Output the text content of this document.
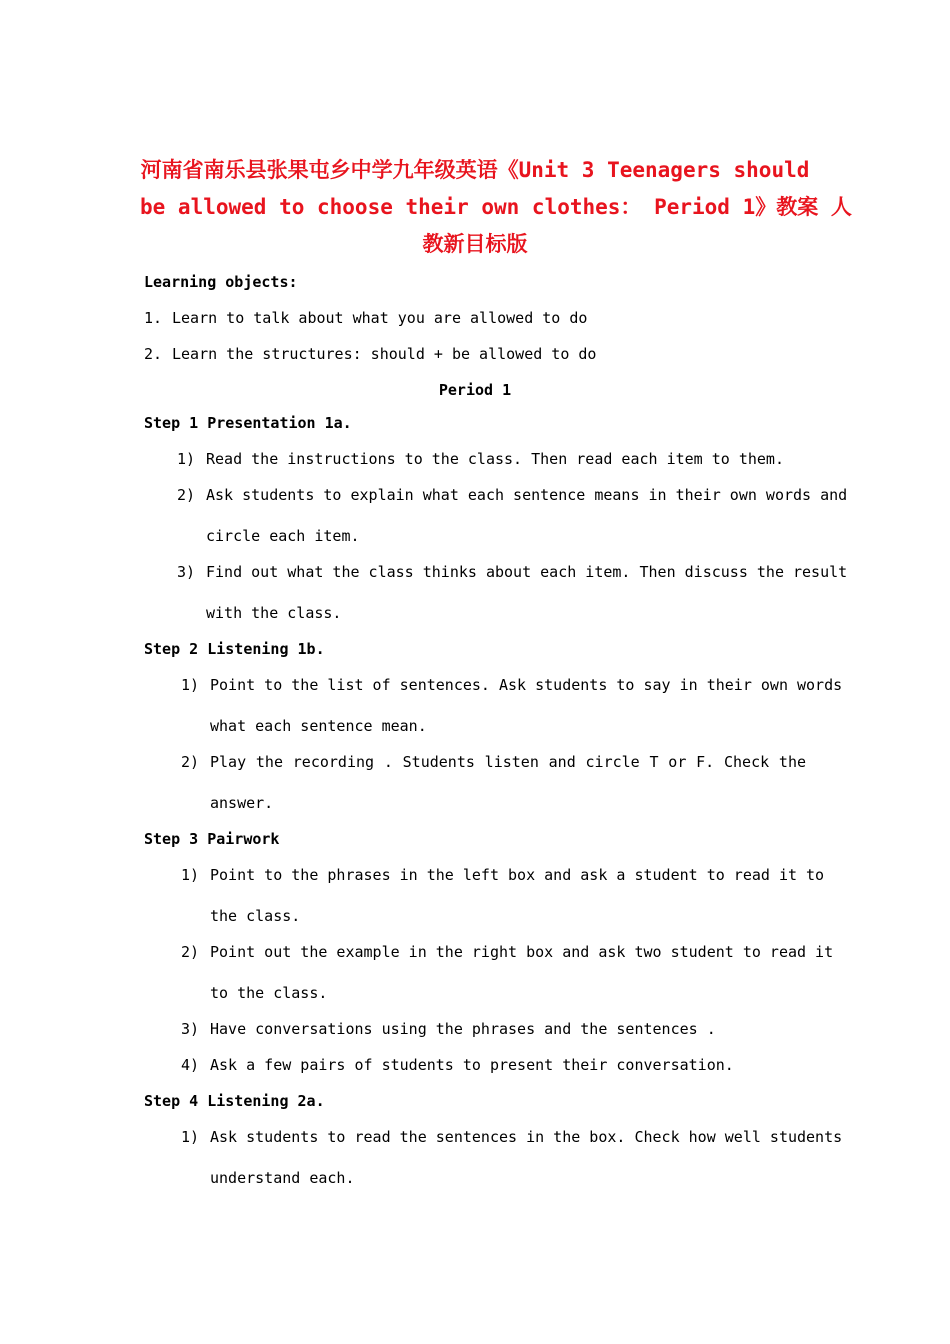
河南省南乐县张果屯乡中学九年级英语《Unit 3 Teenagers should
be allowed to choose their own clothes： Period 1》教案 人
教新目标版
Learning objects:
1. Learn to talk about what you are allowed to do
2. Learn the structures: should + be allowed to do
Period 1
Step 1 Presentation 1a.
1) Read the instructions to the class. Then read each item to them.
2) Ask students to explain what each sentence means in their own words and
circle each item.
3) Find out what the class thinks about each item. Then discuss the result
with the class.
Step 2 Listening 1b.
1) Point to the list of sentences. Ask students to say in their own words
what each sentence mean.
2) Play the recording . Students listen and circle T or F. Check the
answer.
Step 3 Pairwork
1) Point to the phrases in the left box and ask a student to read it to
the class.
2) Point out the example in the right box and ask two student to read it
to the class.
3) Have conversations using the phrases and the sentences .
4) Ask a few pairs of students to present their conversation.
Step 4 Listening 2a.
1) Ask students to read the sentences in the box. Check how well students
understand each.
